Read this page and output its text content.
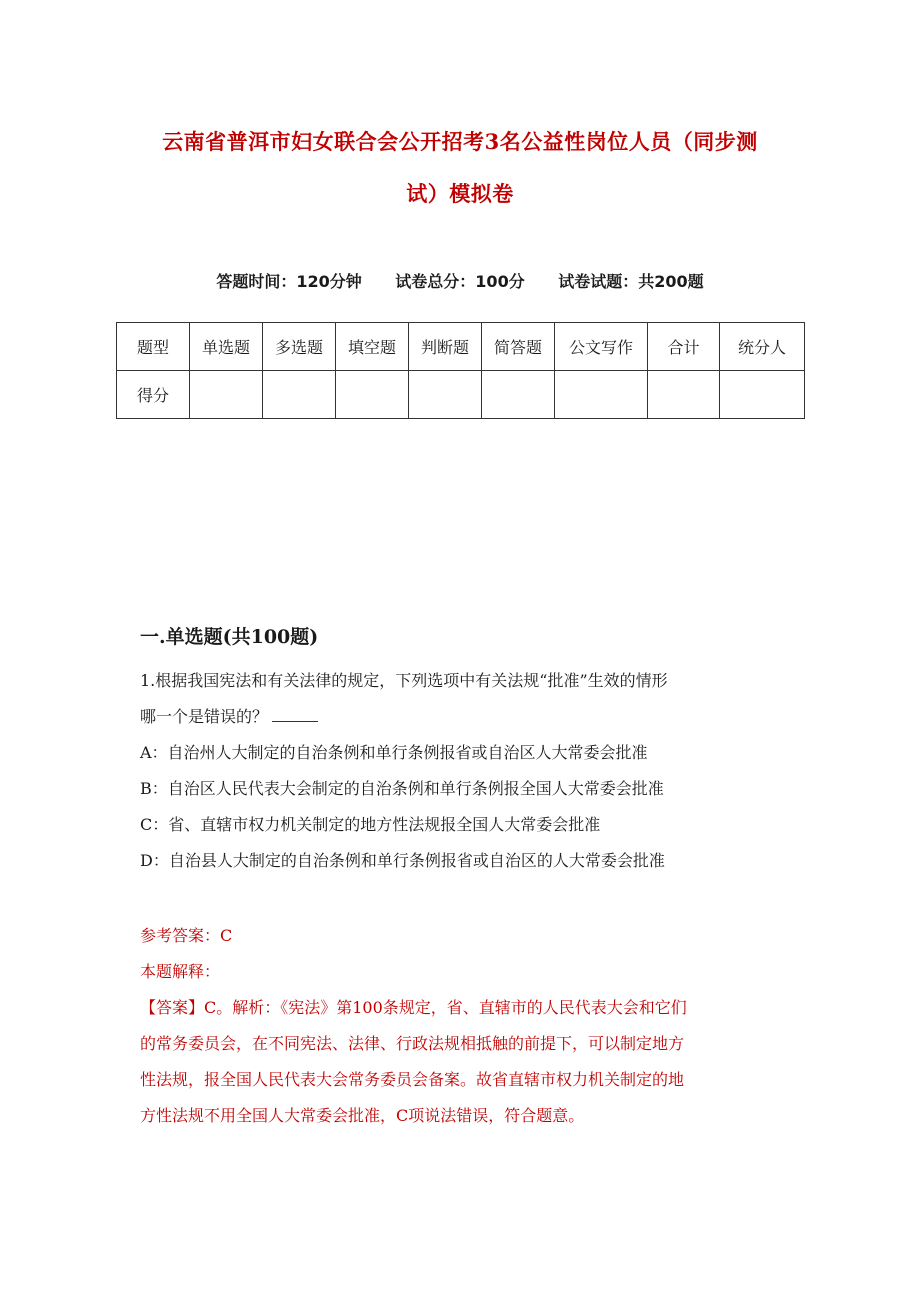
云南省普洱市妇女联合会公开招考3名公益性岗位人员（同步测
试）模拟卷
答题时间：120分钟 试卷总分：100分 试卷试题：共200题
题型	单选题	多选题	填空题	判断题	简答题	公文写作	合计	统分人
得分								
一.单选题(共100题)
1.根据我国宪法和有关法律的规定，下列选项中有关法规“批准”生效的情形
哪一个是错误的？
A：自治州人大制定的自治条例和单行条例报省或自治区人大常委会批准
B：自治区人民代表大会制定的自治条例和单行条例报全国人大常委会批准
C：省、直辖市权力机关制定的地方性法规报全国人大常委会批准
D：自治县人大制定的自治条例和单行条例报省或自治区的人大常委会批准
参考答案：C
本题解释：
【答案】C。解析：《宪法》第100条规定，省、直辖市的人民代表大会和它们
的常务委员会，在不同宪法、法律、行政法规相抵触的前提下，可以制定地方
性法规，报全国人民代表大会常务委员会备案。故省直辖市权力机关制定的地
方性法规不用全国人大常委会批准，C项说法错误，符合题意。
